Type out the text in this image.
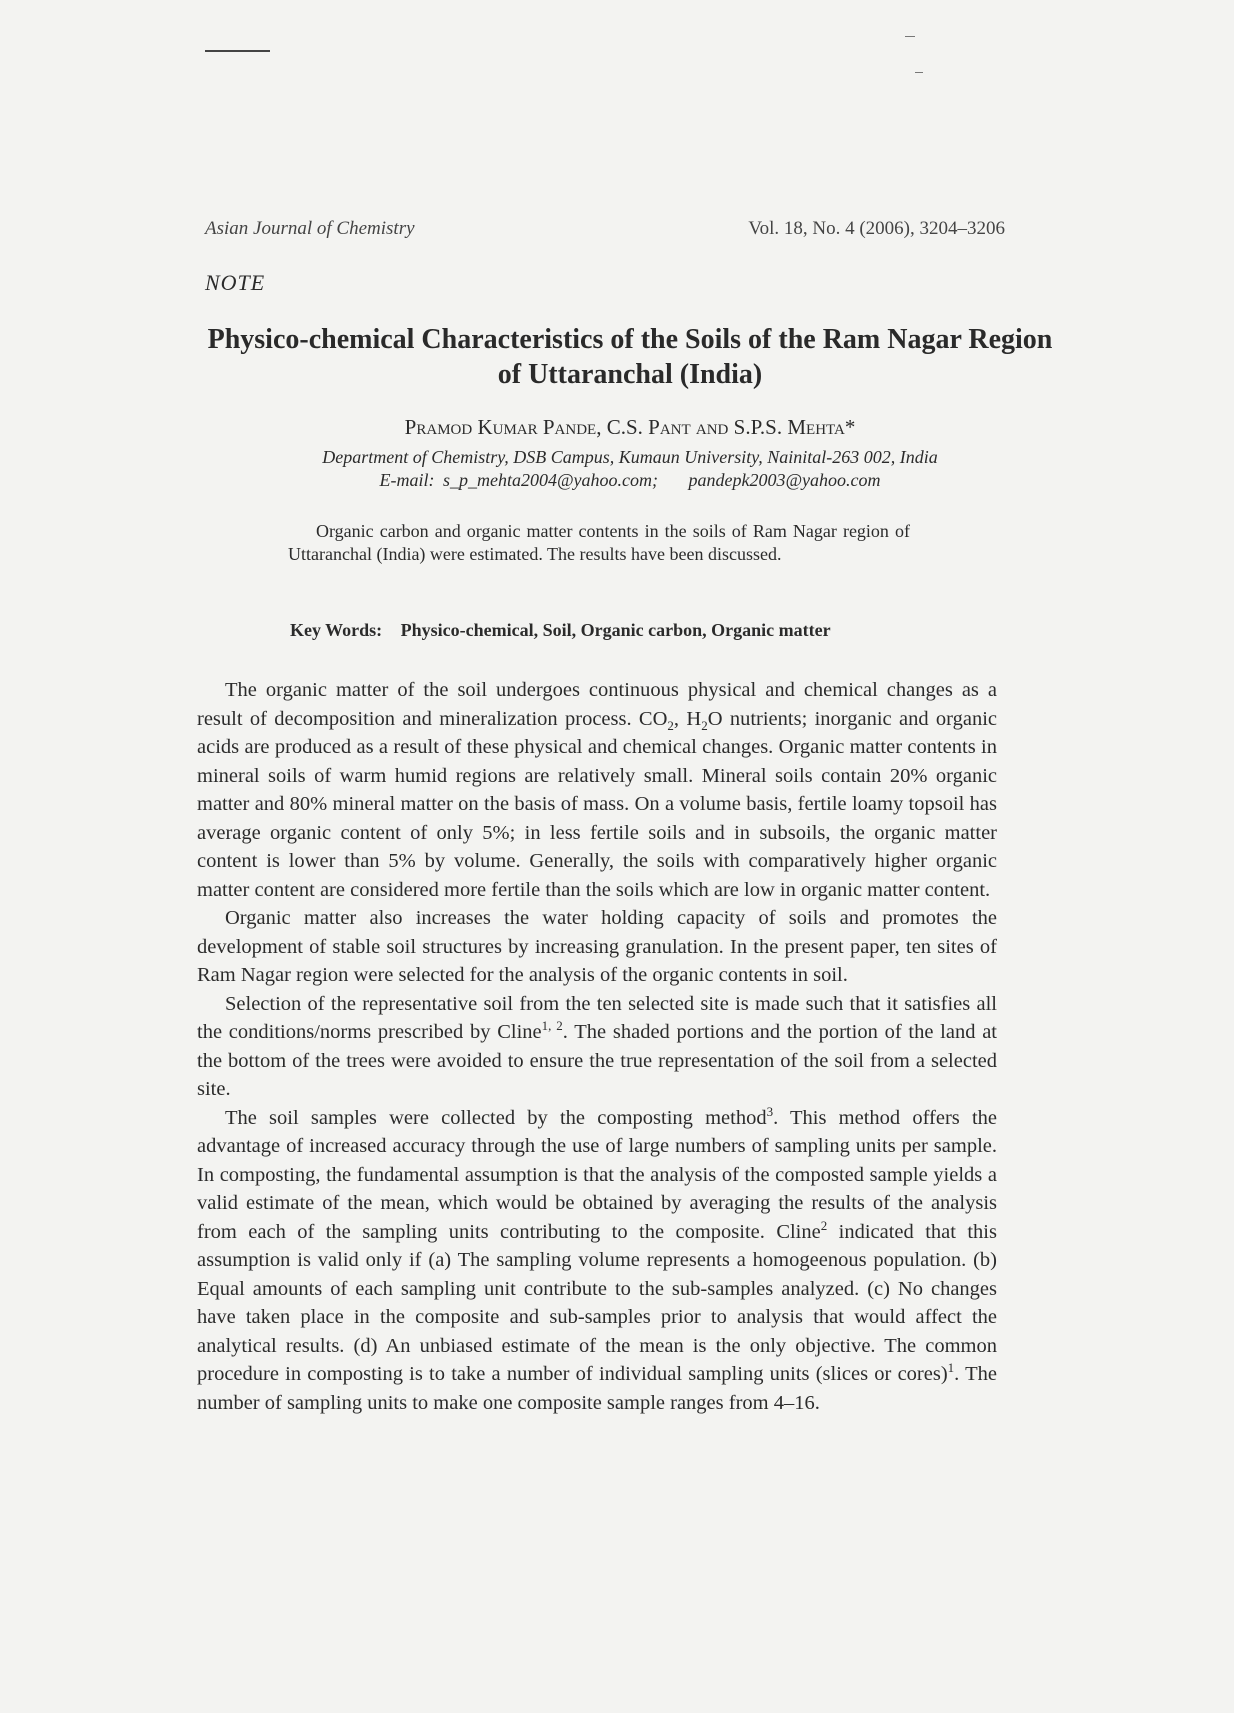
Asian Journal of Chemistry	Vol. 18, No. 4 (2006), 3204–3206
NOTE
Physico-chemical Characteristics of the Soils of the Ram Nagar Region of Uttaranchal (India)
Pramod Kumar Pande, C.S. Pant and S.P.S. Mehta*
Department of Chemistry, DSB Campus, Kumaun University, Nainital-263 002, India
E-mail: s_p_mehta2004@yahoo.com; pandepk2003@yahoo.com
Organic carbon and organic matter contents in the soils of Ram Nagar region of Uttaranchal (India) were estimated. The results have been discussed.
Key Words: Physico-chemical, Soil, Organic carbon, Organic matter

The organic matter of the soil undergoes continuous physical and chemical changes as a result of decomposition and mineralization process. $CO_2$, $H_2O$ nutrients; inorganic and organic acids are produced as a result of these physical and chemical changes. Organic matter contents in mineral soils of warm humid regions are relatively small. Mineral soils contain 20% organic matter and 80% mineral matter on the basis of mass. On a volume basis, fertile loamy topsoil has average organic content of only 5%; in less fertile soils and in subsoils, the organic matter content is lower than 5% by volume. Generally, the soils with comparatively higher organic matter content are considered more fertile than the soils which are low in organic matter content.

Organic matter also increases the water holding capacity of soils and promotes the development of stable soil structures by increasing granulation. In the present paper, ten sites of Ram Nagar region were selected for the analysis of the organic contents in soil.

Selection of the representative soil from the ten selected site is made such that it satisfies all the conditions/norms prescribed by Cline$^{1, 2}$. The shaded portions and the portion of the land at the bottom of the trees were avoided to ensure the true representation of the soil from a selected site.

The soil samples were collected by the composting method$^3$. This method offers the advantage of increased accuracy through the use of large numbers of sampling units per sample. In composting, the fundamental assumption is that the analysis of the composted sample yields a valid estimate of the mean, which would be obtained by averaging the results of the analysis from each of the sampling units contributing to the composite. Cline$^2$ indicated that this assumption is valid only if (a) The sampling volume represents a homogeenous population. (b) Equal amounts of each sampling unit contribute to the sub-samples analyzed. (c) No changes have taken place in the composite and sub-samples prior to analysis that would affect the analytical results. (d) An unbiased estimate of the mean is the only objective. The common procedure in composting is to take a number of individual sampling units (slices or cores)$^1$. The number of sampling units to make one composite sample ranges from 4–16.
